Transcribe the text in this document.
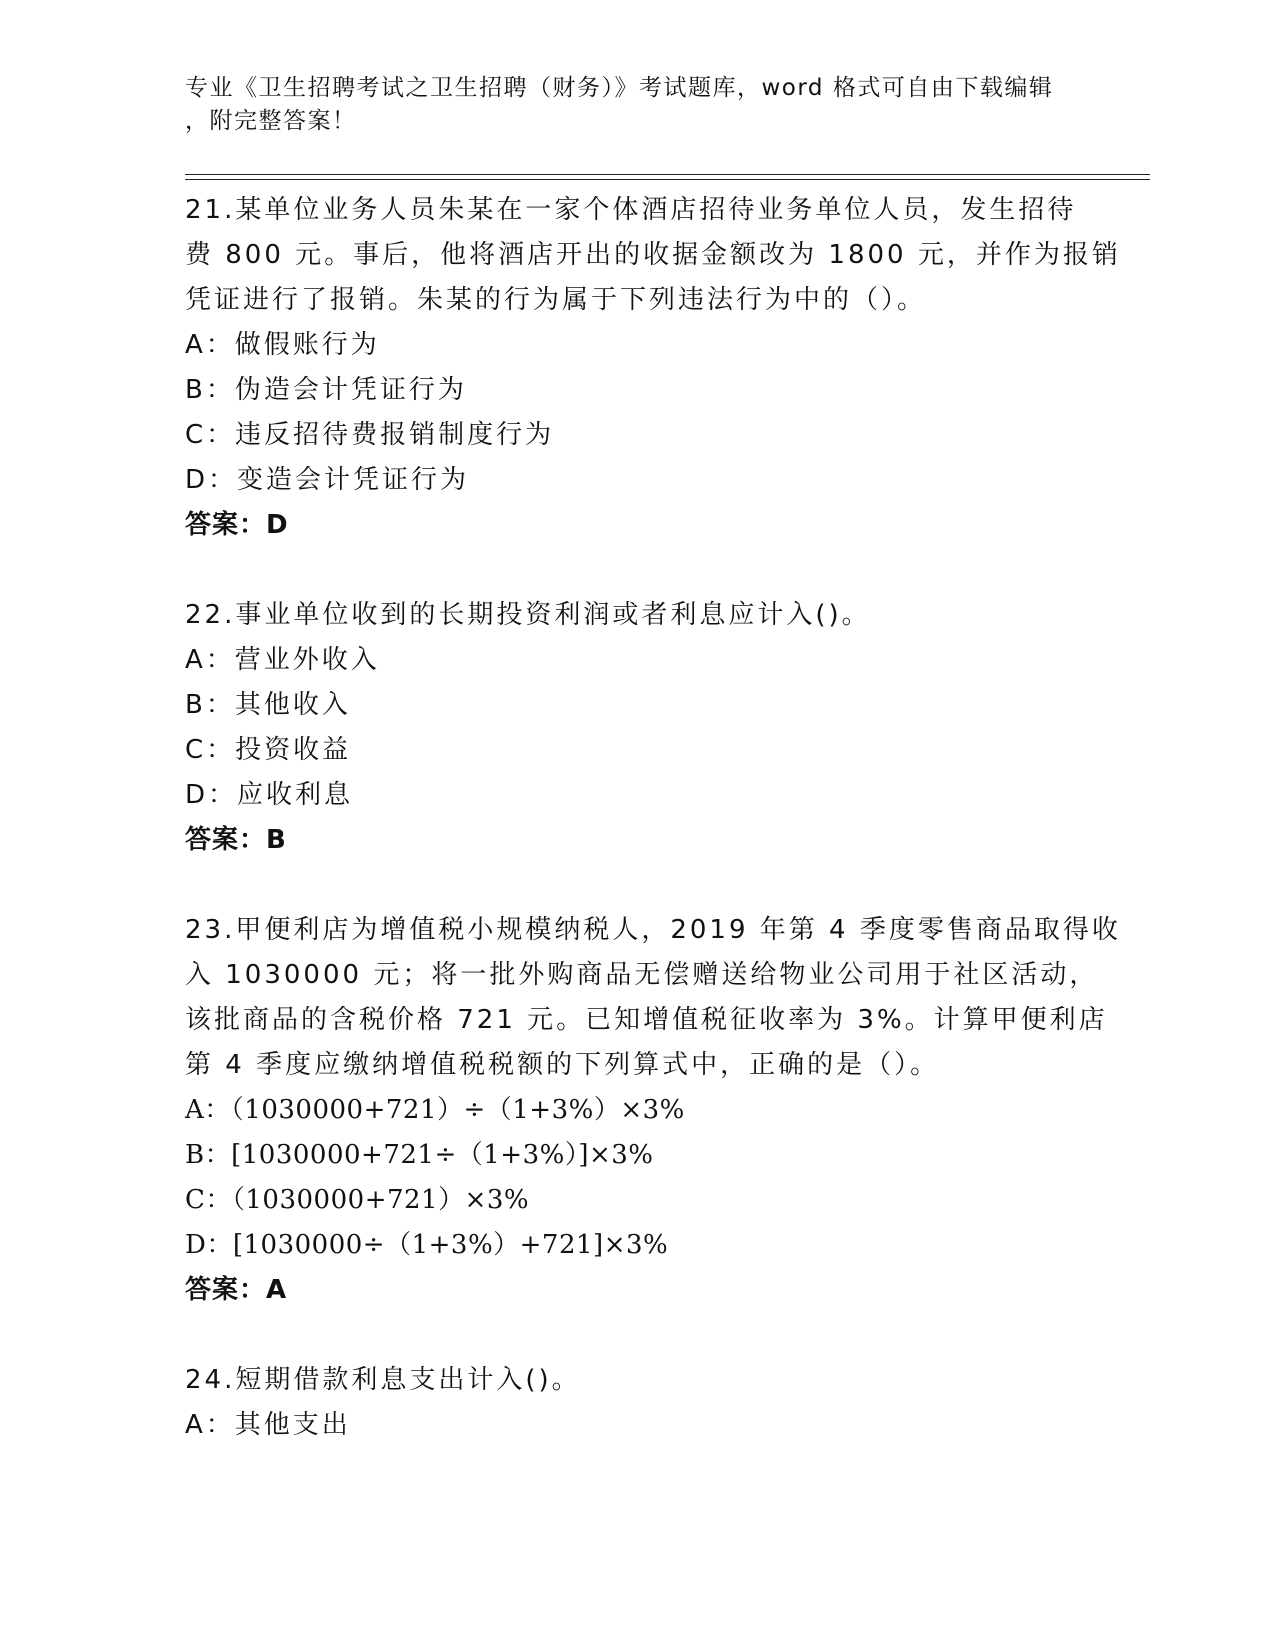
专业《卫生招聘考试之卫生招聘（财务）》考试题库，word 格式可自由下载编辑
，附完整答案！
21.某单位业务人员朱某在一家个体酒店招待业务单位人员，发生招待
费 800 元。事后，他将酒店开出的收据金额改为 1800 元，并作为报销
凭证进行了报销。朱某的行为属于下列违法行为中的（）。
A：做假账行为
B：伪造会计凭证行为
C：违反招待费报销制度行为
D：变造会计凭证行为
答案：D
22.事业单位收到的长期投资利润或者利息应计入()。
A：营业外收入
B：其他收入
C：投资收益
D：应收利息
答案：B
23.甲便利店为增值税小规模纳税人，2019 年第 4 季度零售商品取得收
入 1030000 元；将一批外购商品无偿赠送给物业公司用于社区活动，
该批商品的含税价格 721 元。已知增值税征收率为 3%。计算甲便利店
第 4 季度应缴纳增值税税额的下列算式中，正确的是（）。
A：（1030000+721）÷（1+3%）×3%
B：[1030000+721÷（1+3%）]×3%
C：（1030000+721）×3%
D：[1030000÷（1+3%）+721]×3%
答案：A
24.短期借款利息支出计入()。
A：其他支出
